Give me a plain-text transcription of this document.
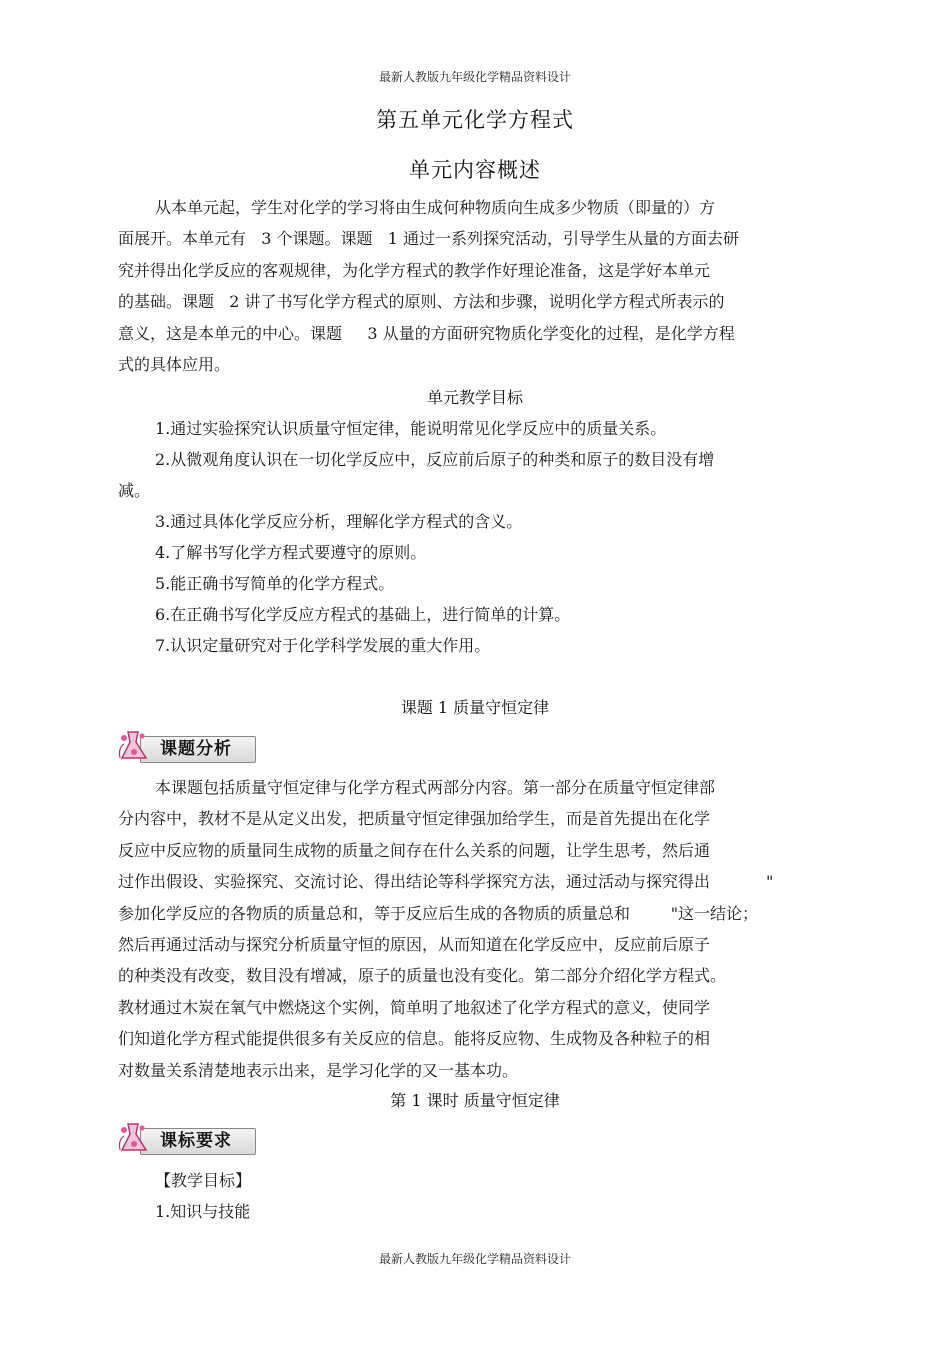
最新人教版九年级化学精品资料设计
第五单元化学方程式
单元内容概述
从本单元起，学生对化学的学习将由生成何种物质向生成多少物质（即量的）方
面展开。本单元有   3 个课题。课题   1 通过一系列探究活动，引导学生从量的方面去研
究并得出化学反应的客观规律，为化学方程式的教学作好理论准备，这是学好本单元
的基础。课题   2 讲了书写化学方程式的原则、方法和步骤，说明化学方程式所表示的
意义，这是本单元的中心。课题     3 从量的方面研究物质化学变化的过程，是化学方程
式的具体应用。
单元教学目标
1.通过实验探究认识质量守恒定律，能说明常见化学反应中的质量关系。
2.从微观角度认识在一切化学反应中，反应前后原子的种类和原子的数目没有增
减。
3.通过具体化学反应分析，理解化学方程式的含义。
4.了解书写化学方程式要遵守的原则。
5.能正确书写简单的化学方程式。
6.在正确书写化学反应方程式的基础上，进行简单的计算。
7.认识定量研究对于化学科学发展的重大作用。
课题 1 质量守恒定律
课题分析
本课题包括质量守恒定律与化学方程式两部分内容。第一部分在质量守恒定律部
分内容中，教材不是从定义出发，把质量守恒定律强加给学生，而是首先提出在化学
反应中反应物的质量同生成物的质量之间存在什么关系的问题，让学生思考，然后通
过作出假设、实验探究、交流讨论、得出结论等科学探究方法，通过活动与探究得出           "
参加化学反应的各物质的质量总和，等于反应后生成的各物质的质量总和        "这一结论；
然后再通过活动与探究分析质量守恒的原因，从而知道在化学反应中，反应前后原子
的种类没有改变，数目没有增减，原子的质量也没有变化。第二部分介绍化学方程式。
教材通过木炭在氧气中燃烧这个实例，简单明了地叙述了化学方程式的意义，使同学
们知道化学方程式能提供很多有关反应的信息。能将反应物、生成物及各种粒子的相
对数量关系清楚地表示出来，是学习化学的又一基本功。
第 1 课时 质量守恒定律
课标要求
【教学目标】
1.知识与技能
最新人教版九年级化学精品资料设计
